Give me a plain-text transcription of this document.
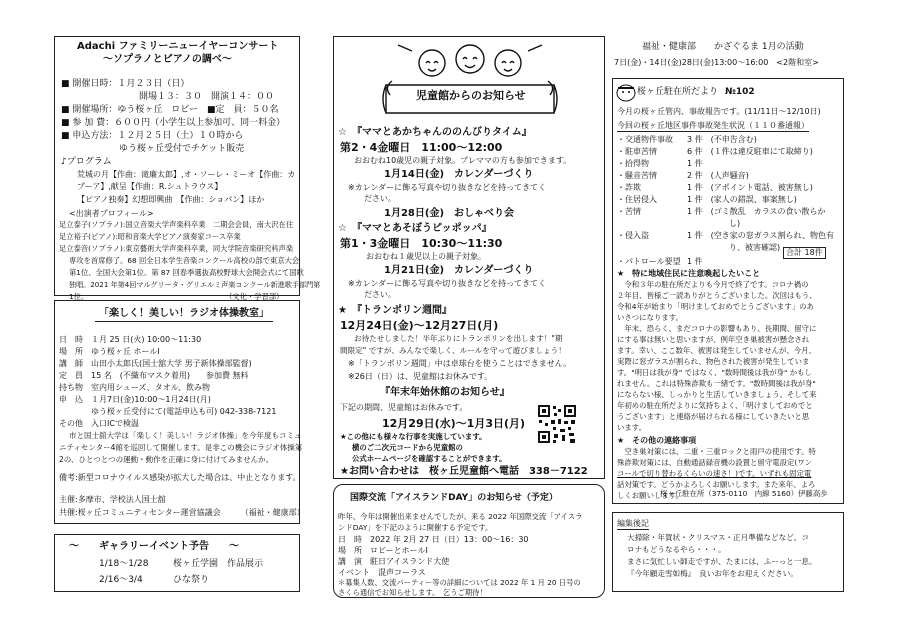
Adachi ファミリーニューイヤーコンサート
～ソプラノとピアノの調べ～
■ 開催日時：１月２３日（日）
開場１３：３０　開演１４：００
■ 開催場所：ゆう桜ヶ丘　ロビー　■定　員：５０名
■ 参 加 費：６００円（小学生以上参加可、同一料金）
■ 申込方法：１２月２５日（土）１０時から
ゆう桜ヶ丘受付でチケット販売
♪プログラム
荒城の月【作曲：滝廉太郎】,オ・ソーレ・ミーオ【作曲：カ
プーア】,献呈【作曲：R.シュトラウス】
【ピアノ独奏】幻想即興曲　【作曲：ショパン】ほか
<出演者プロフィール>
足立泰子(ソプラノ):国立音楽大学声楽科卒業　二期会会員，南大沢在住
足立裕子(ピアノ):昭和音楽大学ピアノ演奏家コース卒業
足立泰音(ソプラノ):東京藝術大学声楽科卒業，同大学院音楽研究科声楽
専攻を首席修了。68 回全日本学生音楽コンクール高校の部で東京大会
第1位、全国大会第1位。第 87 回春季選抜高校野球大会開会式にて国歌
独唱。2021 年第4回マルグリータ・グリエルミ声楽コンクール新進歌手部門第
1位。	（文化・学習部）
「楽しく！美しい！ラジオ体操教室」
日　時 １月 25 日(火) 10:00～11:30
場　所 ゆう桜ヶ丘 ホールⅠ
講　師 山田小太郎氏(国士舘大学 男子新体操部監督)
定　員 15 名　(不織布マスク着用)　　参加費 無料
持ち物 室内用シューズ、タオル、飲み物
申　込 １月7日(金)10:00～1月24日(月)
ゆう桜ヶ丘受付にて(電話申込も可) 042-338-7121
その他　入口ICで検温
市と国士舘大学は「楽しく！美しい！ラジオ体操」を今年度もコミュ
ニティセンター4館を巡回して開催します。是非この機会にラジオ体操第
2の、ひとつとつの運動・動作を正確に身に付けてみませんか。
備考:新型コロナウイルス感染が拡大した場合は、中止となります。
主催:多摩市、学校法人国士舘
共催:桜ヶ丘コミュニティセンター運営協議会　　　（福祉・健康部）
～　　ギャラリーイベント予告　　～
1/18～1/28	桜ヶ丘学園　作品展示
2/16～3/4	ひな祭り
児童館からのお知らせ
☆　『ママとあかちゃんののんびりタイム』
第2・4金曜日　11:00～12:00
おおむね10歳児の親子対象。プレママの方も参加できます。
1月14日(金)　カレンダーづくり
※カレンダーに飾る写真や切り抜きなどを持ってきてく
ださい。
1月28日(金)　おしゃべり会
☆　『ママとあそぼうピッポッパ』
第1・3金曜日　10:30～11:30
おおむね１歳児以上の親子対象。
1月21日(金)　カレンダーづくり
※カレンダーに飾る写真や切り抜きなどを持ってきてく
ださい。
★　『トランポリン週間』
12月24日(金)～12月27日(月)
お待たせしました！半年ぶりにトランポリンを出します！"期
間限定" ですが、みんなで楽しく、ルールを守って遊びましょう！
※「トランポリン週間」中は卓球台を使うことはできません。
※26日（日）は、児童館はお休みです。
『年末年始休館のお知らせ』
下記の期間、児童館はお休みです。
12月29日(水)～1月3日(月)
★この他にも様々な行事を実施しています。
横のご二次元コードから児童館の
公式ホームページを確認することができます。
★お問い合わせは　桜ヶ丘児童館へ電話　338－7122
国際交流「アイスランドDAY」のお知らせ（予定）
昨年、今年は開催出来ませんでしたが、来る 2022 年国際交流「アイスラ
ンドDAY」を下記のように開催する予定です。
日　時　2022 年 2月 27 日（日）13：00～16：30
場　所　ロビーとホールⅠ
講　演　駐日アイスランド大使
イベント　混声コーラス
＊募集人数、交流パーティー等の詳細については 2022 年 1 月 20 日号の
さくら通信でお知らせします。　乞うご期待！
福祉・健康部 かざぐるま 1月の活動
7日(金)・14日(金)28日(金)13:00～16:00　<2階和室>
桜ヶ丘駐在所だより №102
今月の桜ヶ丘管内、事故報告です。(11/11日～12/10日)
今回の桜ヶ丘地区事件事故発生状況（１１０番通報）
・交通物件事故 3 件　(不申告含む)
・駐車苦情	6 件　(１件は違反駐車にて取締り)
・拾得物	1 件
・騒音苦情	2 件　(人声騒音)
・詐欺	1 件　(アポイント電話、被害無し)
・住居侵入	1 件　(家人の錯誤、事案無し)
・苦情	1 件　(ゴミ散乱　カラスの食い散らか
し)
・侵入盗	1 件　(空き家の窓ガラス割られ、物色有
り、被害確認)
・パトロール要望 1 件
合計 18件
★　特に地域住民に注意喚起したいこと
　令和３年の駐在所だよりも今月で終了です。コロナ禍の
２年目、皆様ご一読ありがとうございました。次回はもう、
令和4年が始まり「明けましておめでとうございます」のあ
いさつになります。
　年末、恐らく、まだコロナの影響もあり、長期間、留守に
にする事は無いと思いますが、例年空き巣被害が懸念され
ます。幸い、ここ数年、被害は発生していませんが、今月、
実際に窓ガラスが割られ、物色された被害が発生していま
す。"明日は我が身" ではなく、"数時間後は我が身" かもし
れません。これは特殊詐欺も一緒です。"数時間後は我が身"
にならない様、しっかりと生活していきましょう。そして来
年初めの駐在所だよりに気持ちよく、「明けましておめでと
うございます」と連絡が届けられる様にしていきたいと思
います。
★　その他の連絡事項
　空き巣対策には、二重・三重ロックと雨戸の使用です。特
殊詐欺対策には、自動通話録音機の設置と留守電設定(ワン
コールで切り替わるくらいの速さ！)です。いずれも固定電
話対策です。どうかよろしくお願いします。また来年、よろ
しくお願いします。
桜ヶ丘駐在所（375-0110　内線 5160）伊藤高歩
編集後記
大掃除・年賀状・クリスマス・正月準備などなど。コ
ロナもどうなるやら・・・。
まさに気忙しい師走ですが、たまには、ふーっと一息。
『今年顧走雪如梅』　良いお年をお迎えください。
